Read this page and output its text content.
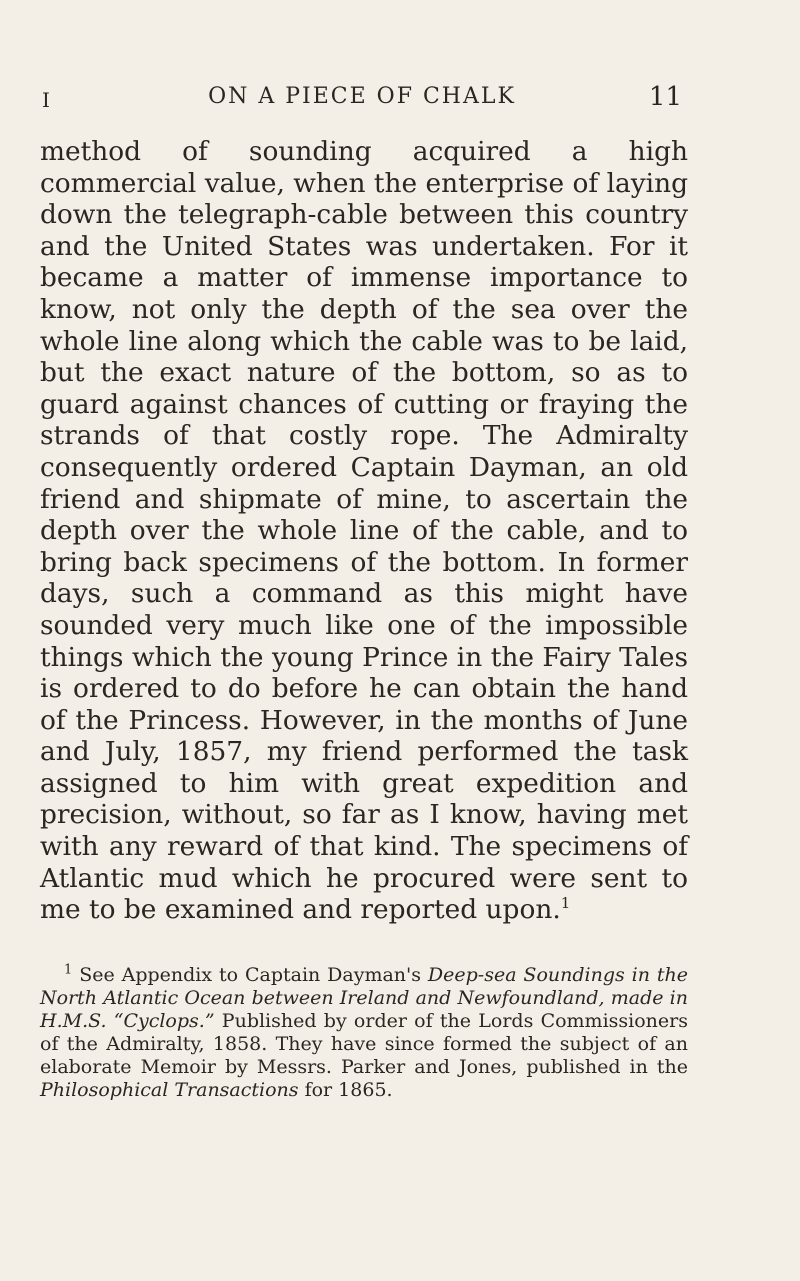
I	ON A PIECE OF CHALK	11

method of sounding acquired a high commercial value, when the enterprise of laying down the telegraph-cable between this country and the United States was undertaken. For it became a matter of immense importance to know, not only the depth of the sea over the whole line along which the cable was to be laid, but the exact nature of the bottom, so as to guard against chances of cutting or fraying the strands of that costly rope. The Admiralty consequently ordered Captain Dayman, an old friend and shipmate of mine, to ascertain the depth over the whole line of the cable, and to bring back specimens of the bottom. In former days, such a command as this might have sounded very much like one of the impossible things which the young Prince in the Fairy Tales is ordered to do before he can obtain the hand of the Princess. However, in the months of June and July, 1857, my friend performed the task assigned to him with great expedition and precision, without, so far as I know, having met with any reward of that kind. The specimens of Atlantic mud which he procured were sent to me to be examined and reported upon.$^1$

$^1$ See Appendix to Captain Dayman's Deep-sea Soundings in the North Atlantic Ocean between Ireland and Newfoundland, made in H.M.S. “Cyclops.” Published by order of the Lords Commissioners of the Admiralty, 1858. They have since formed the subject of an elaborate Memoir by Messrs. Parker and Jones, published in the Philosophical Transactions for 1865.
